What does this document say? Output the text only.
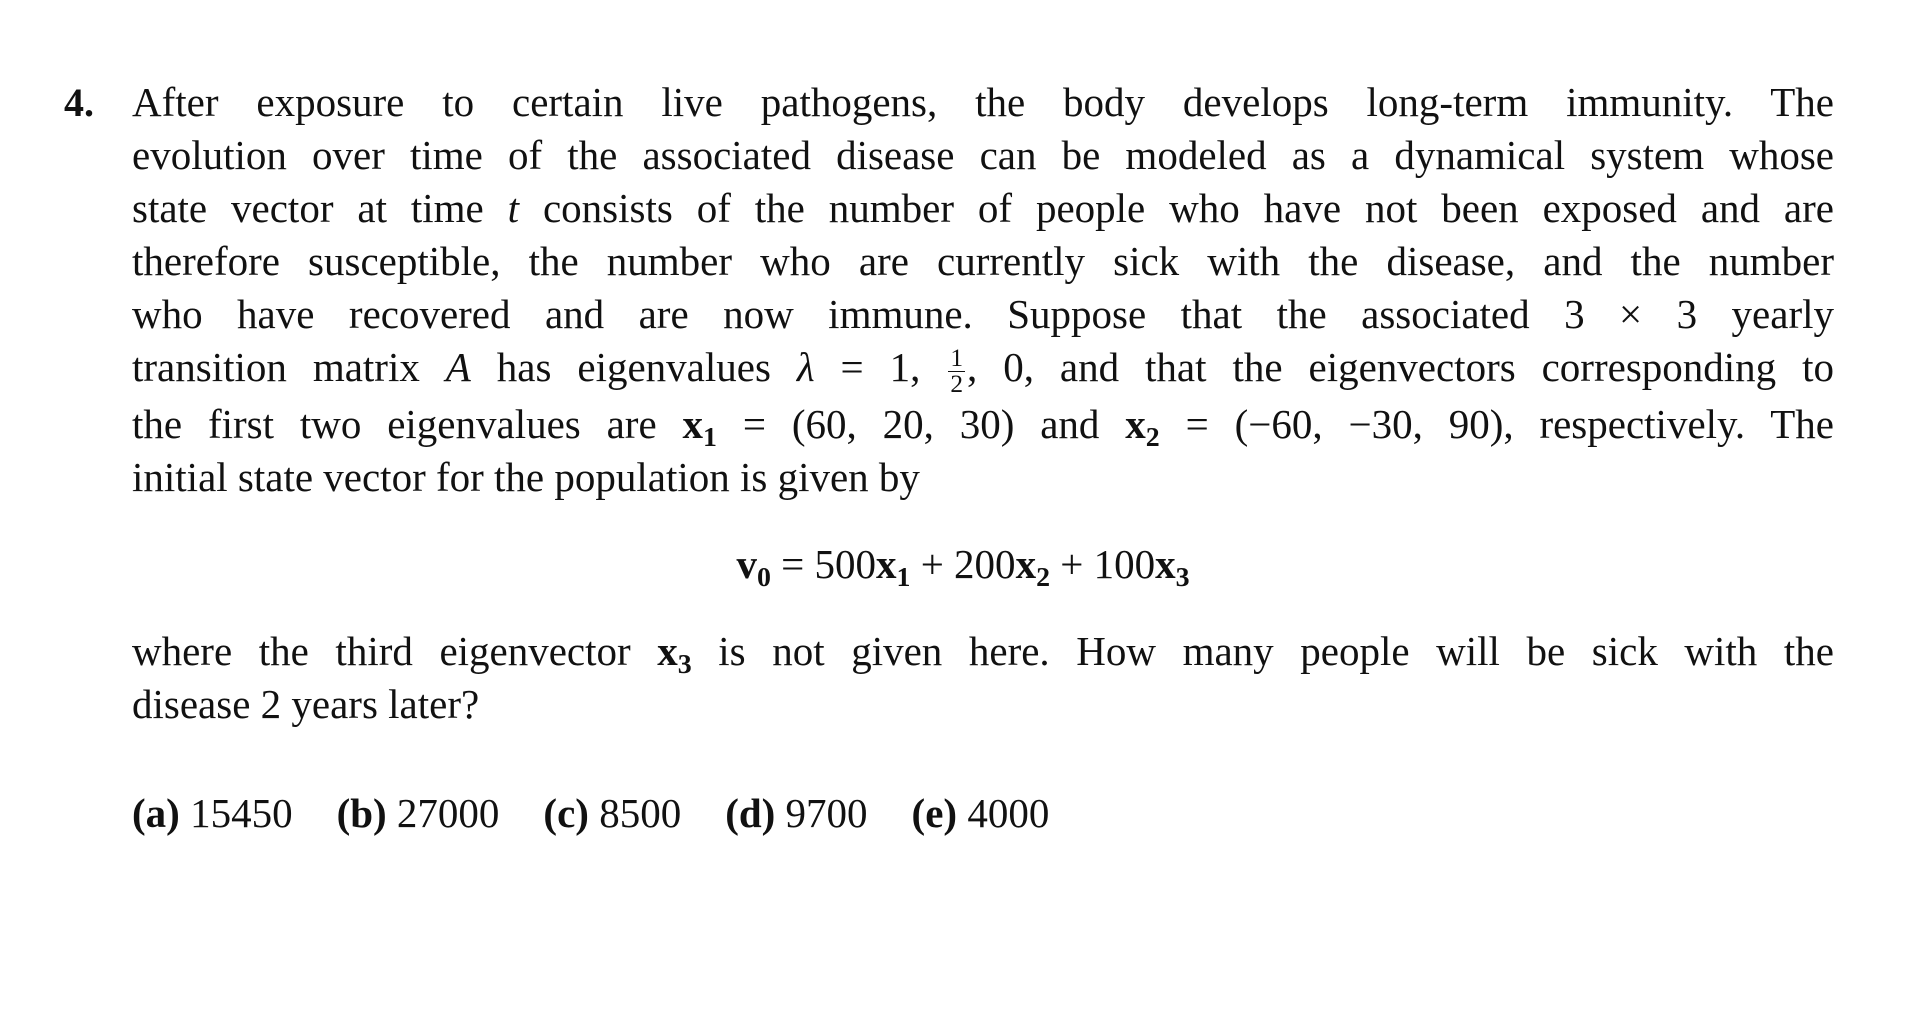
4. After exposure to certain live pathogens, the body develops long-term immunity. The
evolution over time of the associated disease can be modeled as a dynamical system whose
state vector at time t consists of the number of people who have not been exposed and are
therefore susceptible, the number who are currently sick with the disease, and the number
who have recovered and are now immune. Suppose that the associated 3 × 3 yearly
transition matrix A has eigenvalues λ = 1, $\frac{1}{2}$ , 0, and that the eigenvectors corresponding to
the first two eigenvalues are $x_1 = (60$, 20, 30) and $x_2 = (-60$, −30, 90), respectively. The
initial state vector for the population is given by
$v_0 = 500x_1 + 200x_2 + 100x_3$
where the third eigenvector $x_3$ is not given here. How many people will be sick with the
disease 2 years later?
(a) 15450 (b) 27000 (c) 8500 (d) 9700 (e) 4000
